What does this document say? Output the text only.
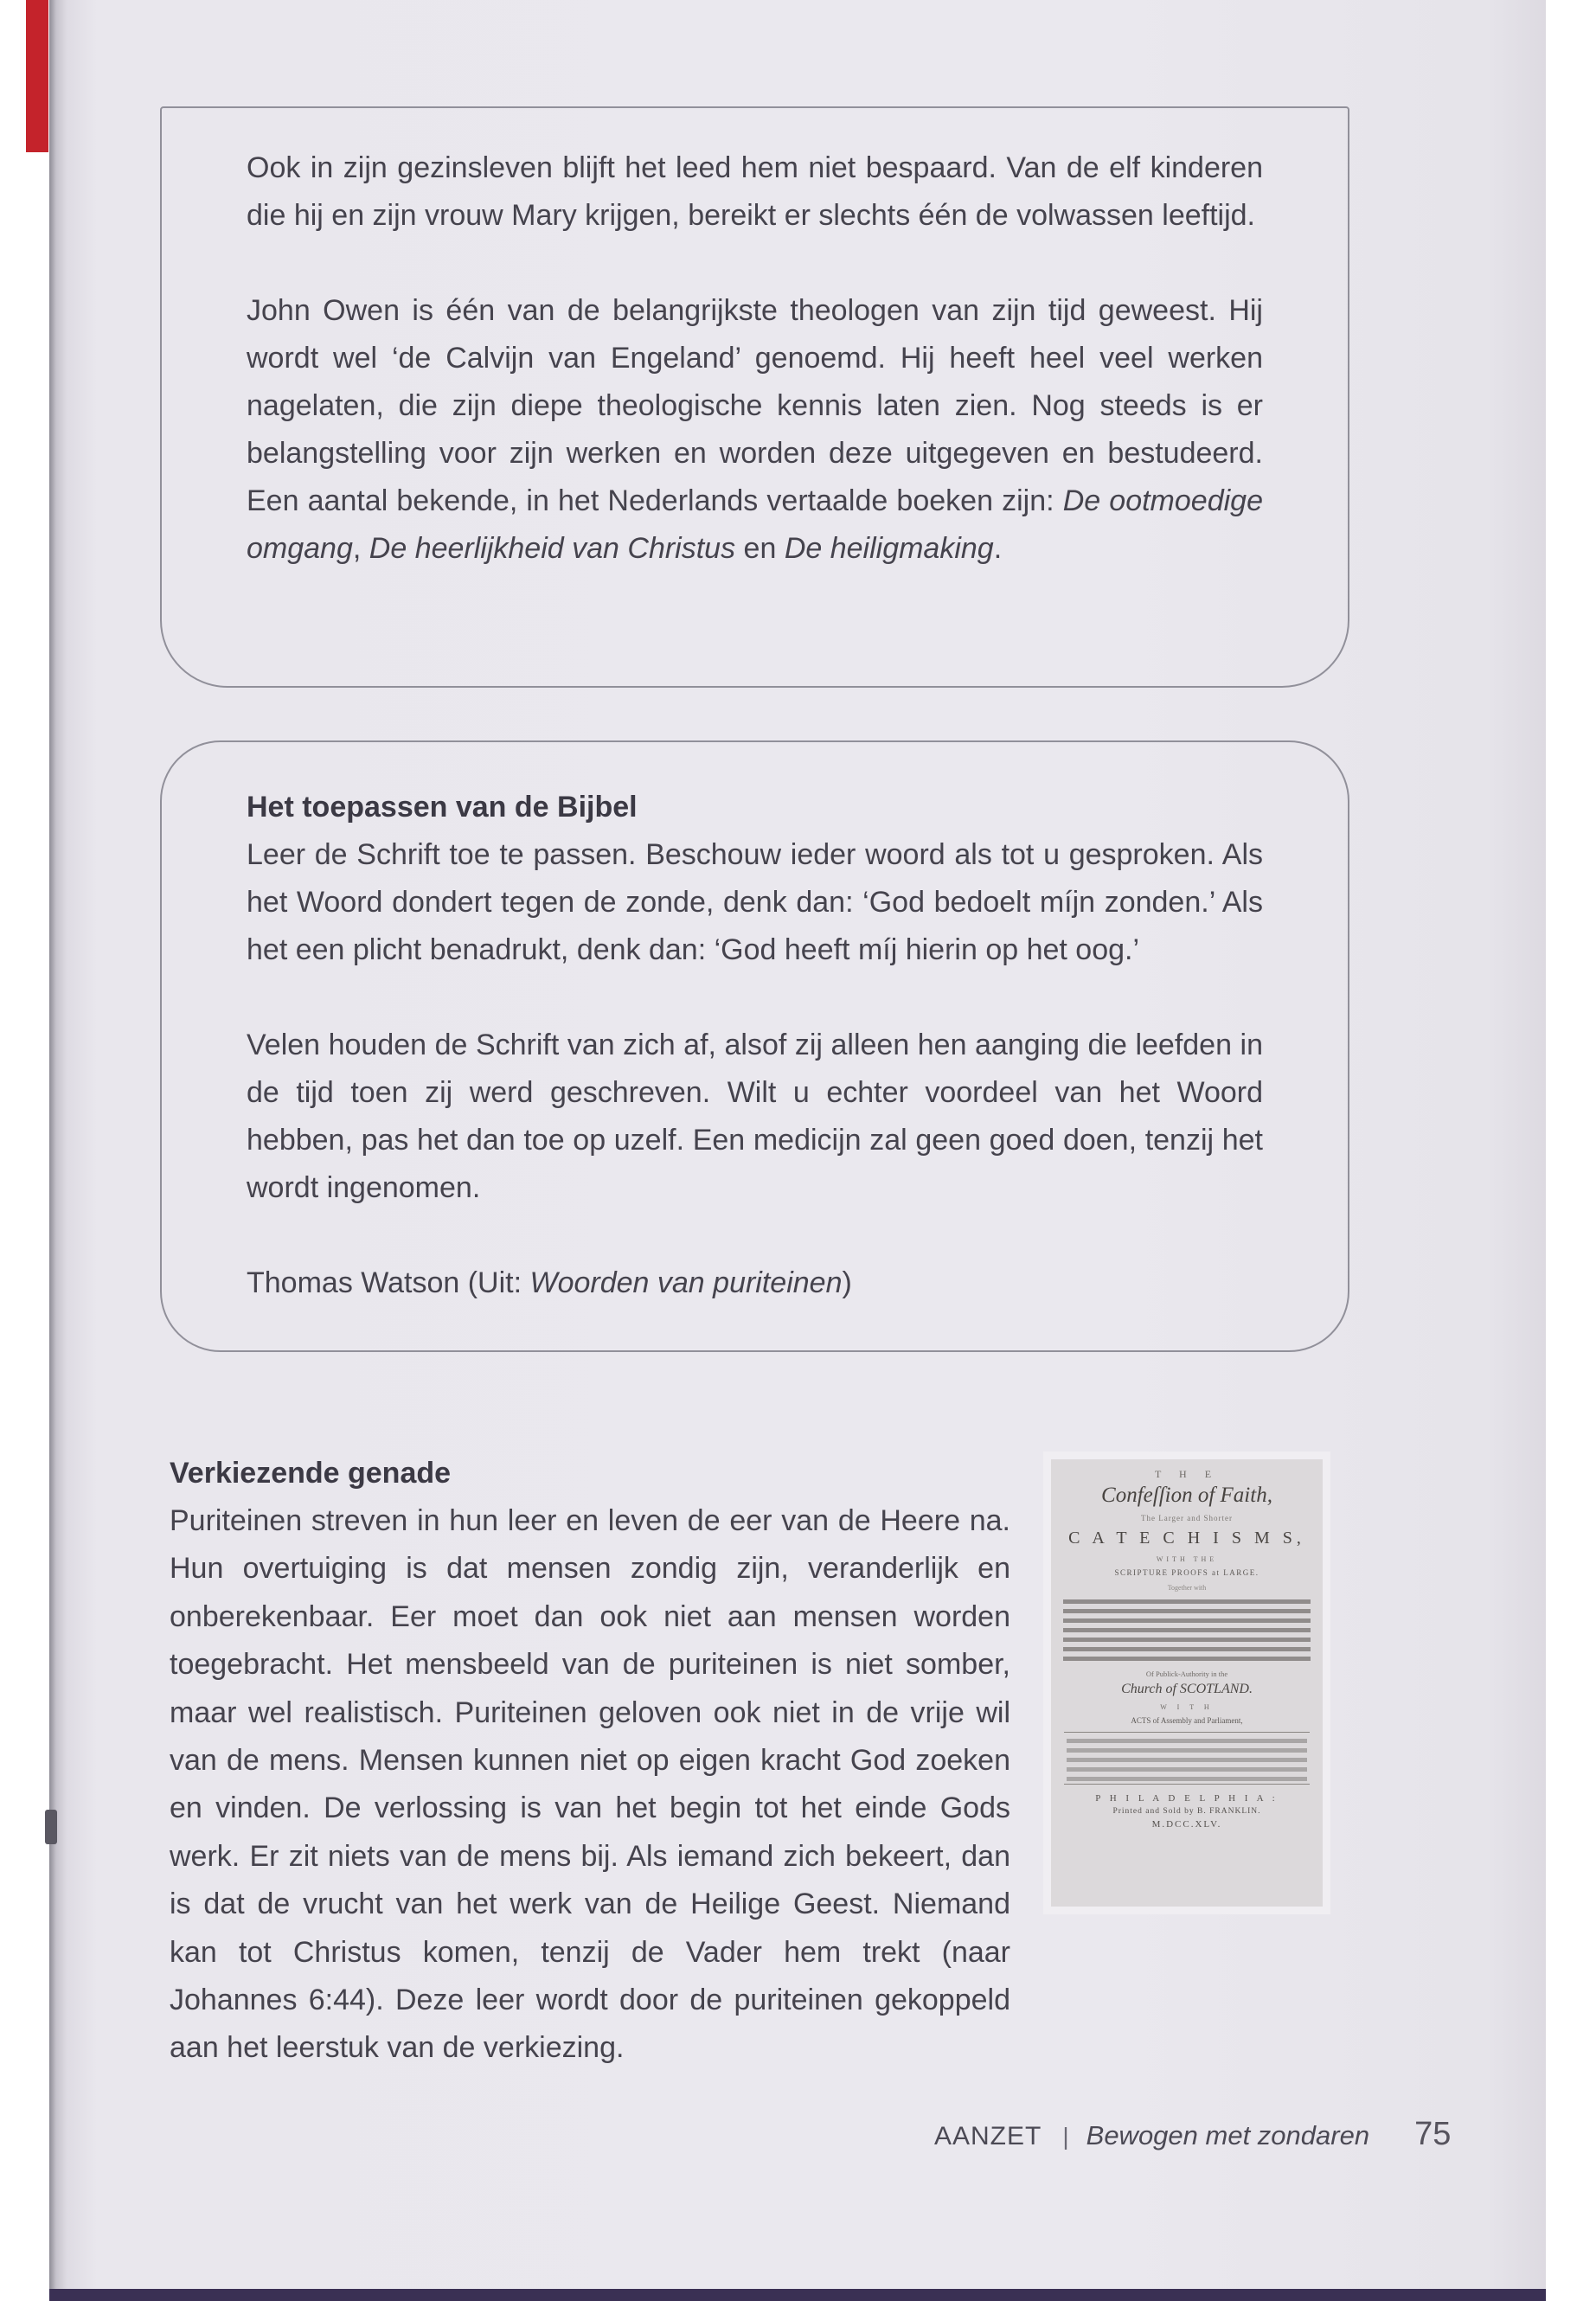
Ook in zijn gezinsleven blijft het leed hem niet bespaard. Van de elf kinderen die hij en zijn vrouw Mary krijgen, bereikt er slechts één de volwassen leeftijd.

John Owen is één van de belangrijkste theologen van zijn tijd geweest. Hij wordt wel ‘de Calvijn van Engeland’ genoemd. Hij heeft heel veel werken nagelaten, die zijn diepe theologische kennis laten zien. Nog steeds is er belangstelling voor zijn werken en worden deze uitgegeven en bestudeerd. Een aantal bekende, in het Nederlands vertaalde boeken zijn: De ootmoedige omgang, De heerlijkheid van Christus en De heiligmaking.

Het toepassen van de Bijbel

Leer de Schrift toe te passen. Beschouw ieder woord als tot u gesproken. Als het Woord dondert tegen de zonde, denk dan: ‘God bedoelt míjn zonden.’ Als het een plicht benadrukt, denk dan: ‘God heeft míj hierin op het oog.’

Velen houden de Schrift van zich af, alsof zij alleen hen aanging die leefden in de tijd toen zij werd geschreven. Wilt u echter voordeel van het Woord hebben, pas het dan toe op uzelf. Een medicijn zal geen goed doen, tenzij het wordt ingenomen.

Thomas Watson (Uit: Woorden van puriteinen)

Verkiezende genade

Puriteinen streven in hun leer en leven de eer van de Heere na. Hun overtuiging is dat mensen zondig zijn, veranderlijk en onberekenbaar. Eer moet dan ook niet aan mensen worden toegebracht. Het mensbeeld van de puriteinen is niet somber, maar wel realistisch. Puriteinen geloven ook niet in de vrije wil van de mens. Mensen kunnen niet op eigen kracht God zoeken en vinden. De verlossing is van het begin tot het einde Gods werk. Er zit niets van de mens bij. Als iemand zich bekeert, dan is dat de vrucht van het werk van de Heilige Geest. Niemand kan tot Christus komen, tenzij de Vader hem trekt (naar Johannes 6:44). Deze leer wordt door de puriteinen gekoppeld aan het leerstuk van de verkiezing.

T H E
Confeſſion of Faith,
The Larger and Shorter
C A T E C H I S M S,
WITH THE
SCRIPTURE PROOFS at LARGE.
Together with
Of Publick-Authority in the
Church of SCOTLAND.
W I T H
ACTS of Assembly and Parliament,
P H I L A D E L P H I A :
Printed and Sold by B. FRANKLIN.
M.DCC.XLV.
AANZET | Bewogen met zondaren 75
